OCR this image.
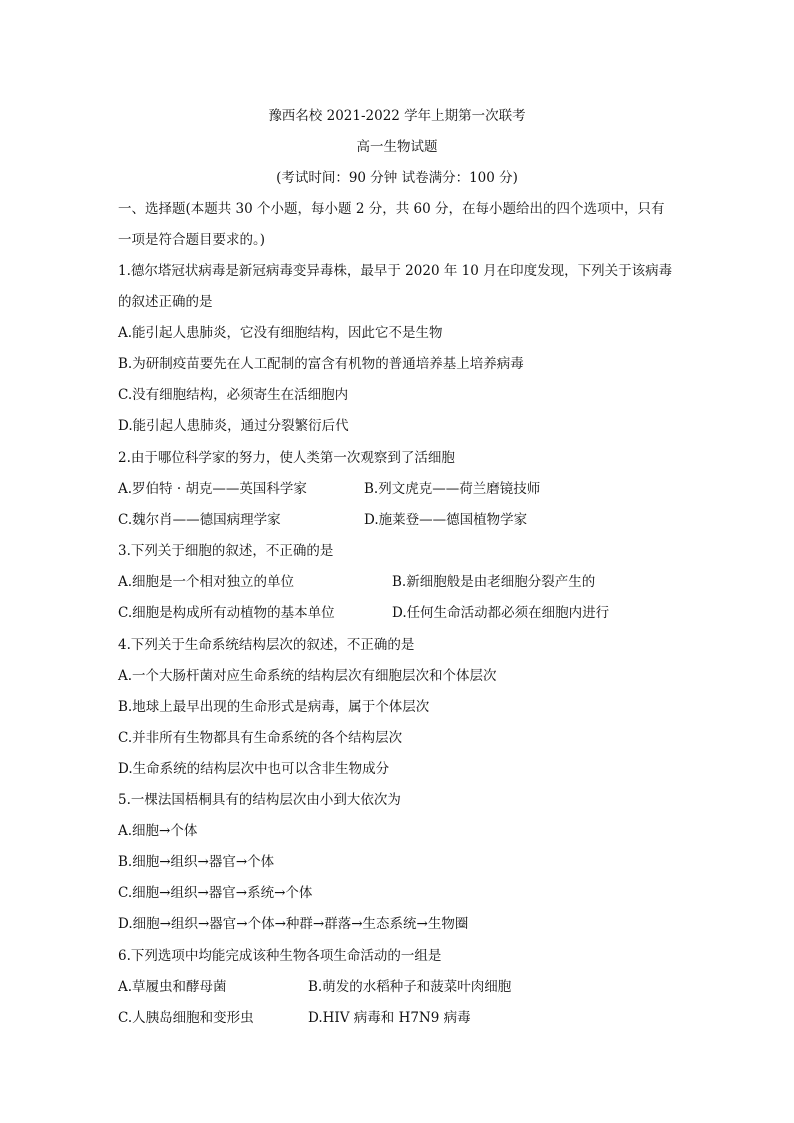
豫西名校 2021-2022 学年上期第一次联考
高一生物试题
(考试时间：90 分钟 试卷满分：100 分)
一、选择题(本题共 30 个小题，每小题 2 分，共 60 分，在每小题给出的四个选项中，只有
一项是符合题目要求的。)
1.德尔塔冠状病毒是新冠病毒变异毒株，最早于 2020 年 10 月在印度发现，下列关于该病毒
的叙述正确的是
A.能引起人患肺炎，它没有细胞结构，因此它不是生物
B.为研制疫苗要先在人工配制的富含有机物的普通培养基上培养病毒
C.没有细胞结构，必须寄生在活细胞内
D.能引起人患肺炎，通过分裂繁衍后代
2.由于哪位科学家的努力，使人类第一次观察到了活细胞
A.罗伯特 · 胡克——英国科学家	B.列文虎克——荷兰磨镜技师
C.魏尔肖——德国病理学家	D.施莱登——德国植物学家
3.下列关于细胞的叙述，不正确的是
A.细胞是一个相对独立的单位	B.新细胞般是由老细胞分裂产生的
C.细胞是构成所有动植物的基本单位	D.任何生命活动都必须在细胞内进行
4.下列关于生命系统结构层次的叙述，不正确的是
A.一个大肠杆菌对应生命系统的结构层次有细胞层次和个体层次
B.地球上最早出现的生命形式是病毒，属于个体层次
C.并非所有生物都具有生命系统的各个结构层次
D.生命系统的结构层次中也可以含非生物成分
5.一棵法国梧桐具有的结构层次由小到大依次为
A.细胞→个体
B.细胞→组织→器官→个体
C.细胞→组织→器官→系统→个体
D.细胞→组织→器官→个体→种群→群落→生态系统→生物圈
6.下列选项中均能完成该种生物各项生命活动的一组是
A.草履虫和酵母菌	B.萌发的水稻种子和菠菜叶肉细胞
C.人胰岛细胞和变形虫	D.HIV 病毒和 H7N9 病毒
